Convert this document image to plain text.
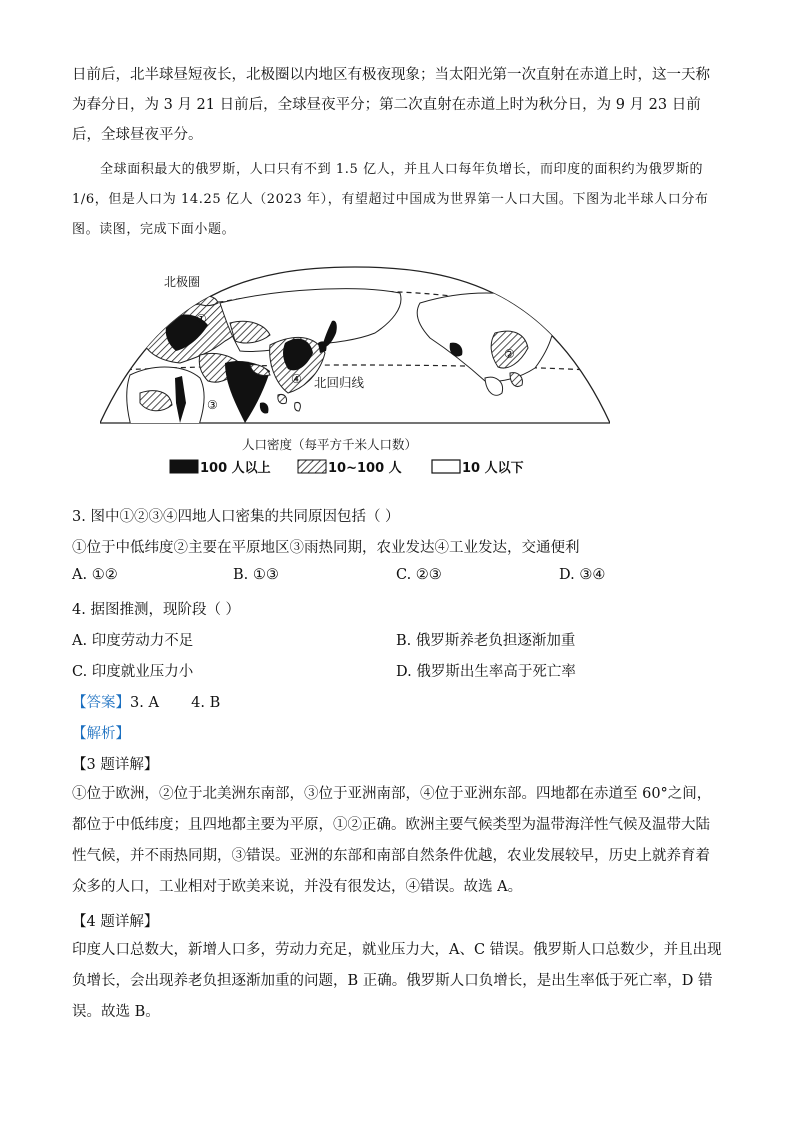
日前后，北半球昼短夜长，北极圈以内地区有极夜现象；当太阳光第一次直射在赤道上时，这一天称为春分日，为 3 月 21 日前后，全球昼夜平分；第二次直射在赤道上时为秋分日，为 9 月 23 日前后，全球昼夜平分。

全球面积最大的俄罗斯，人口只有不到 1.5 亿人，并且人口每年负增长，而印度的面积约为俄罗斯的 1/6，但是人口为 14.25 亿人（2023 年），有望超过中国成为世界第一人口大国。下图为北半球人口分布图。读图，完成下面小题。

北极圈
北回归线
①
②
③
④
人口密度（每平方千米人口数）
100 人以上	10~100 人	10 人以下

3. 图中①②③④四地人口密集的共同原因包括（ ）

①位于中低纬度②主要在平原地区③雨热同期，农业发达④工业发达，交通便利

A. ①②	B. ①③	C. ②③	D. ③④

4. 据图推测，现阶段（ ）

A. 印度劳动力不足	B. 俄罗斯养老负担逐渐加重

C. 印度就业压力小	D. 俄罗斯出生率高于死亡率

【答案】3. A       4. B

【解析】

【3 题详解】

①位于欧洲，②位于北美洲东南部，③位于亚洲南部，④位于亚洲东部。四地都在赤道至 60°之间，都位于中低纬度；且四地都主要为平原，①②正确。欧洲主要气候类型为温带海洋性气候及温带大陆性气候，并不雨热同期，③错误。亚洲的东部和南部自然条件优越，农业发展较早，历史上就养育着众多的人口，工业相对于欧美来说，并没有很发达，④错误。故选 A。

【4 题详解】

印度人口总数大，新增人口多，劳动力充足，就业压力大，A、C 错误。俄罗斯人口总数少，并且出现负增长，会出现养老负担逐渐加重的问题，B 正确。俄罗斯人口负增长，是出生率低于死亡率，D 错误。故选 B。
